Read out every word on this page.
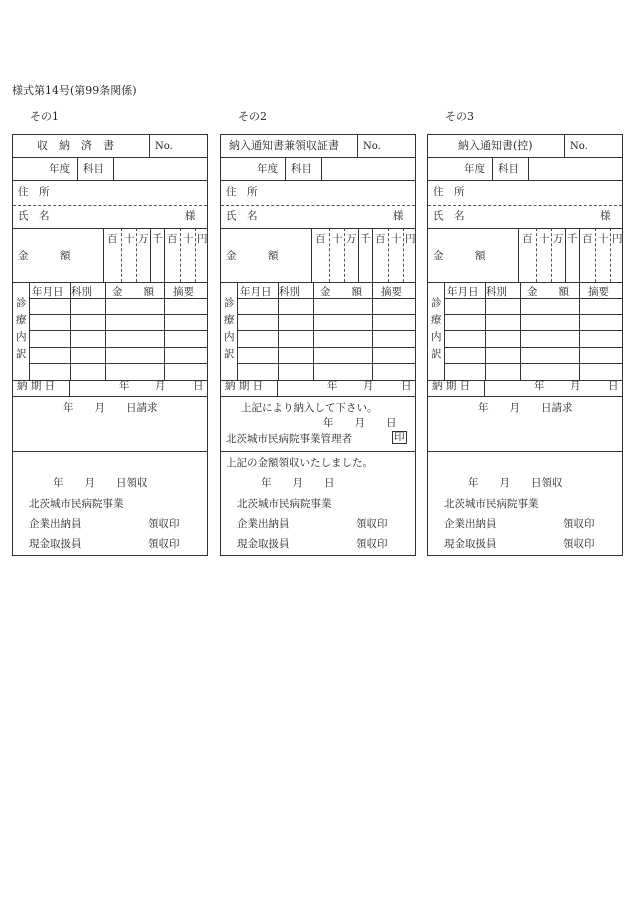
様式第14号(第99条関係)
その1
収　納　済　書	No.
年度 科目
住　所
氏　名	様
金　　　額
百 十 万 千 百 十 円
年月日 科別 金　　額 摘要
診
療
内
訳
納 期 日	年 月	日
年　　月　　日請求
年　　月　　日領収
北茨城市民病院事業
企業出納員	領収印
現金取扱員	領収印
その2
納入通知書兼領収証書 No.
年度 科目
住　所
氏　名	様
金　　　額
百 十 万 千 百 十 円
年月日 科別 金　　額 摘要
診
療
内
訳
納 期 日	年 月	日
上記により納入して下さい。
年　　月　　日
北茨城市民病院事業管理者	印
上記の金額領収いたしました。
年　　月　　日
北茨城市民病院事業
企業出納員	領収印
現金取扱員	領収印
その3
納入通知書(控)	No.
年度 科目
住　所
氏　名	様
金　　　額
百 十 万 千 百 十 円
年月日 科別 金　　額 摘要
診
療
内
訳
納 期 日	年 月	日
年　　月　　日請求
年　　月　　日領収
北茨城市民病院事業
企業出納員	領収印
現金取扱員	領収印
